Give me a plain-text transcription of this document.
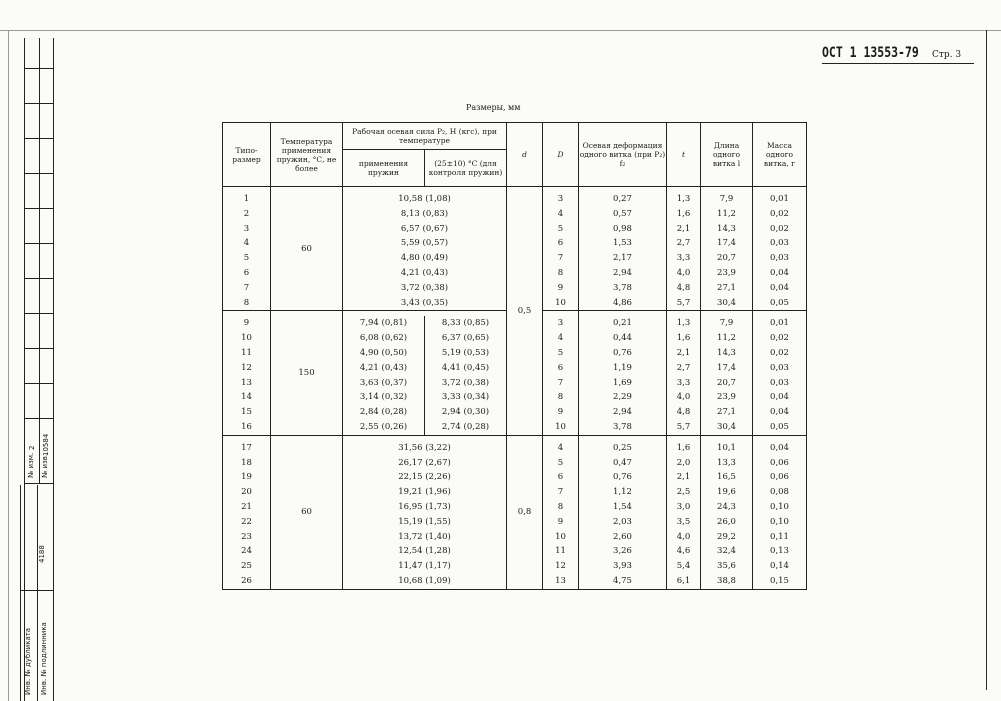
№ изм.
2
№ изв.
10584
4188
Инв. № дубликата Инв. № подлинника
ОСТ 1 13553-79 Стр. 3
Размеры, мм
Типо- размер	Температура применения пружин, °С, не более	Рабочая осевая сила P₂, Н (кгс), при температуре		d	D	Осевая деформация одного витка (при P₂) f₂	t	Длина одного витка l	Масса одного витка, г
		применения пружин	(25±10) °С (для контроля пружин)						
	60			0,5					
1		10,58 (1,08)			3	0,27	1,3	7,9	0,01
2		8,13 (0,83)			4	0,57	1,6	11,2	0,02
3		6,57 (0,67)			5	0,98	2,1	14,3	0,02
4		5,59 (0,57)			6	1,53	2,7	17,4	0,03
5		4,80 (0,49)			7	2,17	3,3	20,7	0,03
6		4,21 (0,43)			8	2,94	4,0	23,9	0,04
7		3,72 (0,38)			9	3,78	4,8	27,1	0,04
8		3,43 (0,35)			10	4,86	5,7	30,4	0,05
	150								
9		7,94 (0,81)	8,33 (0,85)		3	0,21	1,3	7,9	0,01
10		6,08 (0,62)	6,37 (0,65)		4	0,44	1,6	11,2	0,02
11		4,90 (0,50)	5,19 (0,53)		5	0,76	2,1	14,3	0,02
12		4,21 (0,43)	4,41 (0,45)		6	1,19	2,7	17,4	0,03
13		3,63 (0,37)	3,72 (0,38)		7	1,69	3,3	20,7	0,03
14		3,14 (0,32)	3,33 (0,34)		8	2,29	4,0	23,9	0,04
15		2,84 (0,28)	2,94 (0,30)		9	2,94	4,8	27,1	0,04
16		2,55 (0,26)	2,74 (0,28)		10	3,78	5,7	30,4	0,05
	60			0,8					
17		31,56 (3,22)			4	0,25	1,6	10,1	0,04
18		26,17 (2,67)			5	0,47	2,0	13,3	0,06
19		22,15 (2,26)			6	0,76	2,1	16,5	0,06
20		19,21 (1,96)			7	1,12	2,5	19,6	0,08
21		16,95 (1,73)			8	1,54	3,0	24,3	0,10
22		15,19 (1,55)			9	2,03	3,5	26,0	0,10
23		13,72 (1,40)			10	2,60	4,0	29,2	0,11
24		12,54 (1,28)			11	3,26	4,6	32,4	0,13
25		11,47 (1,17)			12	3,93	5,4	35,6	0,14
26		10,68 (1,09)			13	4,75	6,1	38,8	0,15
